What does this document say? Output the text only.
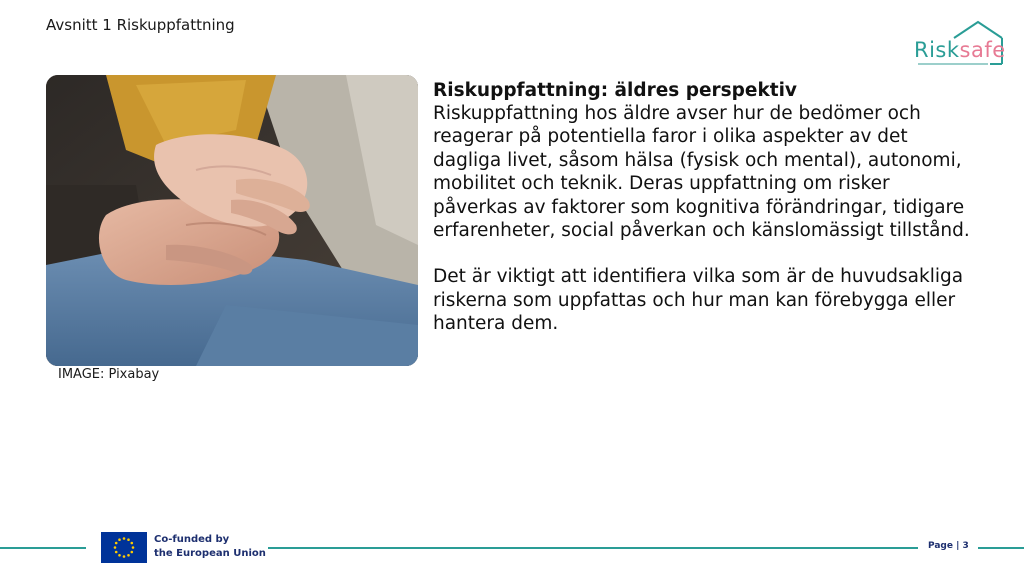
Avsnitt 1 Riskuppfattning
Risksafe
IMAGE: Pixabay

Riskuppfattning: äldres perspektiv

Riskuppfattning hos äldre avser hur de bedömer och reagerar på potentiella faror i olika aspekter av det dagliga livet, såsom hälsa (fysisk och mental), autonomi, mobilitet och teknik. Deras uppfattning om risker påverkas av faktorer som kognitiva förändringar, tidigare erfarenheter, social påverkan och känslomässigt tillstånd.

Det är viktigt att identifiera vilka som är de huvudsakliga riskerna som uppfattas och hur man kan förebygga eller hantera dem.

Co-funded by
the European Union
Page | 3
